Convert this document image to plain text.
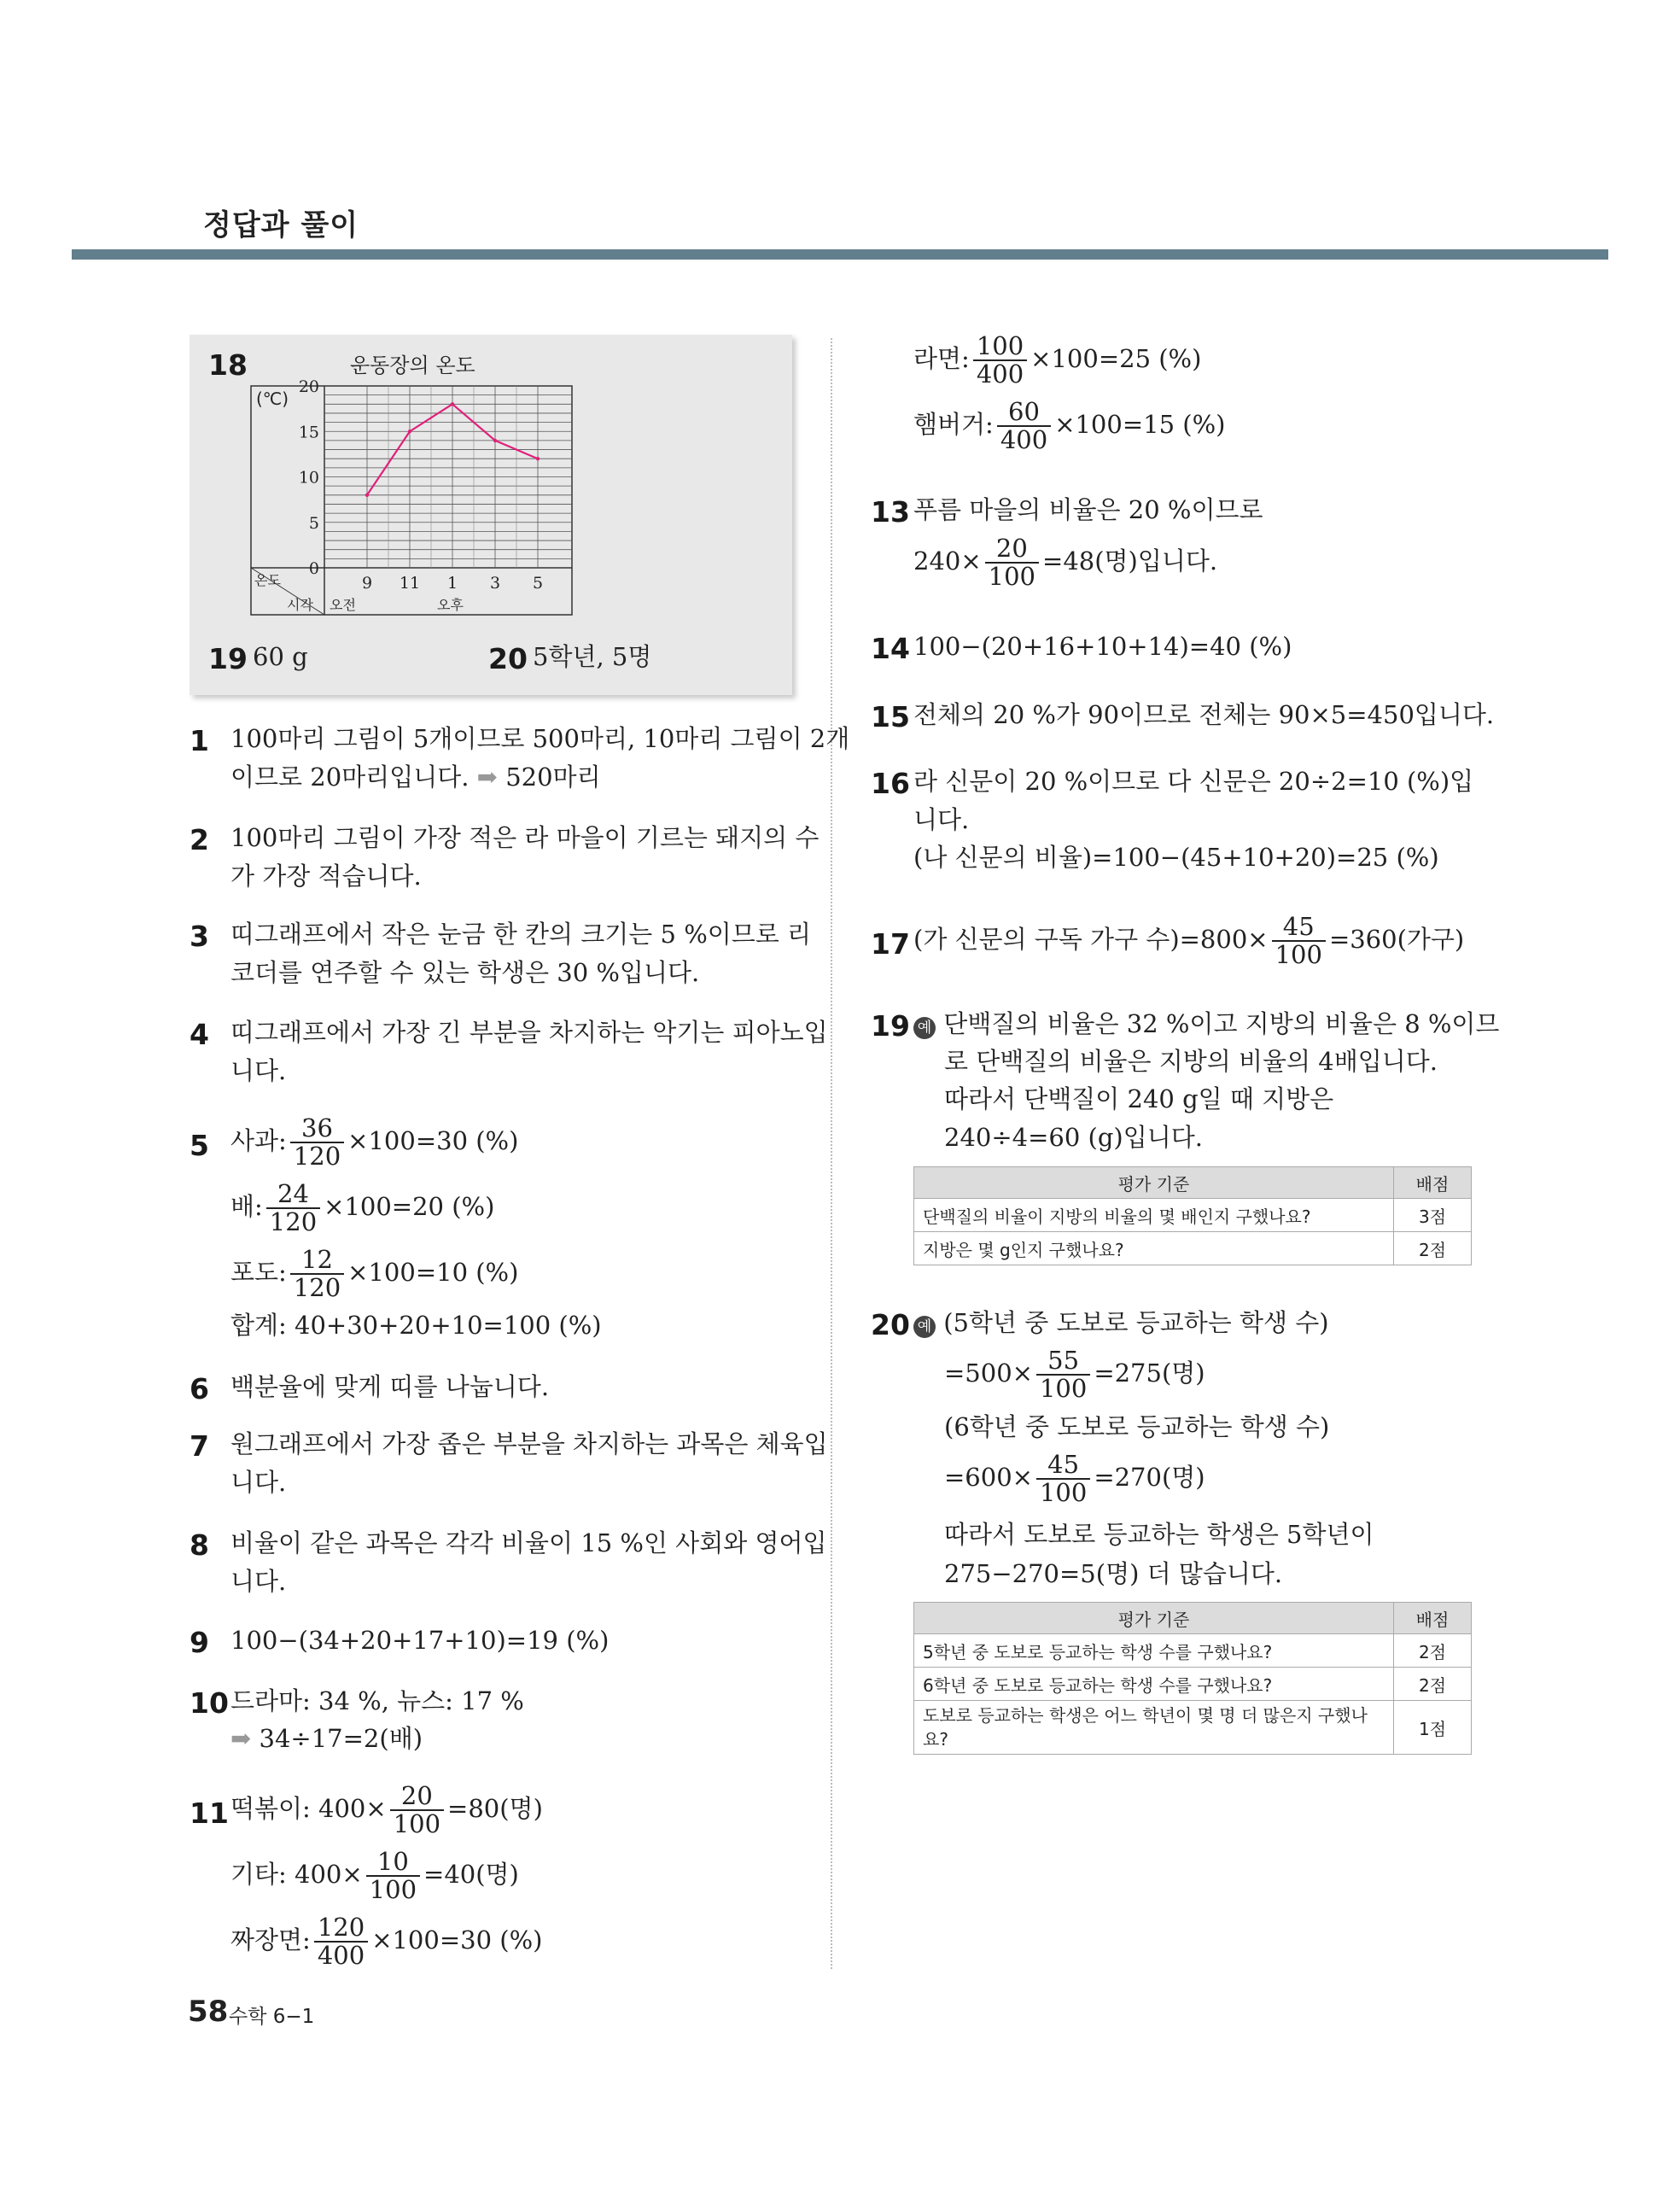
정답과 풀이
18	운동장의 온도
0
5
10
15
20
(℃)
9 11 1 3 5
온도
시각 오전	오후
19 60 g	20 5학년, 5명
1 100마리 그림이 5개이므로 500마리, 10마리 그림이 2개
이므로 20마리입니다. ➡ 520마리
2 100마리 그림이 가장 적은 라 마을이 기르는 돼지의 수
가 가장 적습니다.
3 띠그래프에서 작은 눈금 한 칸의 크기는 5 %이므로 리
코더를 연주할 수 있는 학생은 30 %입니다.
4 띠그래프에서 가장 긴 부분을 차지하는 악기는 피아노입
니다.
5 사과: $\frac{36}{120} \times 100=30$ (%)
배: $\frac{24}{120} \times 100=20$ (%)
포도: $\frac{12}{120} \times 100=10$ (%)
합계: 40+30+20+10=100 (%)
6 백분율에 맞게 띠를 나눕니다.
7 원그래프에서 가장 좁은 부분을 차지하는 과목은 체육입
니다.
8 비율이 같은 과목은 각각 비율이 15 %인 사회와 영어입
니다.
9 100−(34+20+17+10)=19 (%)
10 드라마: 34 %, 뉴스: 17 %
➡ 34÷17=2(배)
11 떡볶이: $400\times \frac{20}{100} =80$(명)
기타: $400\times \frac{10}{100} =40$(명)
짜장면: $\frac{120}{400} \times 100=30$ (%)
라면: $\frac{100}{400} \times 100=25$ (%)
햄버거: $\frac{60}{400} \times 100=15$ (%)
13 푸름 마을의 비율은 20 %이므로
$240\times \frac{20}{100} =48$(명)입니다.
14 100−(20+16+10+14)=40 (%)
15 전체의 20 %가 90이므로 전체는 90×5=450입니다.
16 라 신문이 20 %이므로 다 신문은 20÷2=10 (%)입
니다.
(나 신문의 비율)=100−(45+10+20)=25 (%)
17 (가 신문의 구독 가구 수)$=800\times \frac{45}{100} =360$(가구)
19 예 단백질의 비율은 32 %이고 지방의 비율은 8 %이므
로 단백질의 비율은 지방의 비율의 4배입니다.
따라서 단백질이 240 g일 때 지방은
240÷4=60 (g)입니다.
평가 기준	배점
단백질의 비율이 지방의 비율의 몇 배인지 구했나요?	3점
지방은 몇 g인지 구했나요?	2점
20 예 (5학년 중 도보로 등교하는 학생 수)
$=500\times \frac{55}{100} =275$(명)
(6학년 중 도보로 등교하는 학생 수)
$=600\times \frac{45}{100} =270$(명)
따라서 도보로 등교하는 학생은 5학년이
275−270=5(명) 더 많습니다.
평가 기준	배점
5학년 중 도보로 등교하는 학생 수를 구했나요?	2점
6학년 중 도보로 등교하는 학생 수를 구했나요?	2점
도보로 등교하는 학생은 어느 학년이 몇 명 더 많은지 구했나
요?	1점
58 수학 6−1
